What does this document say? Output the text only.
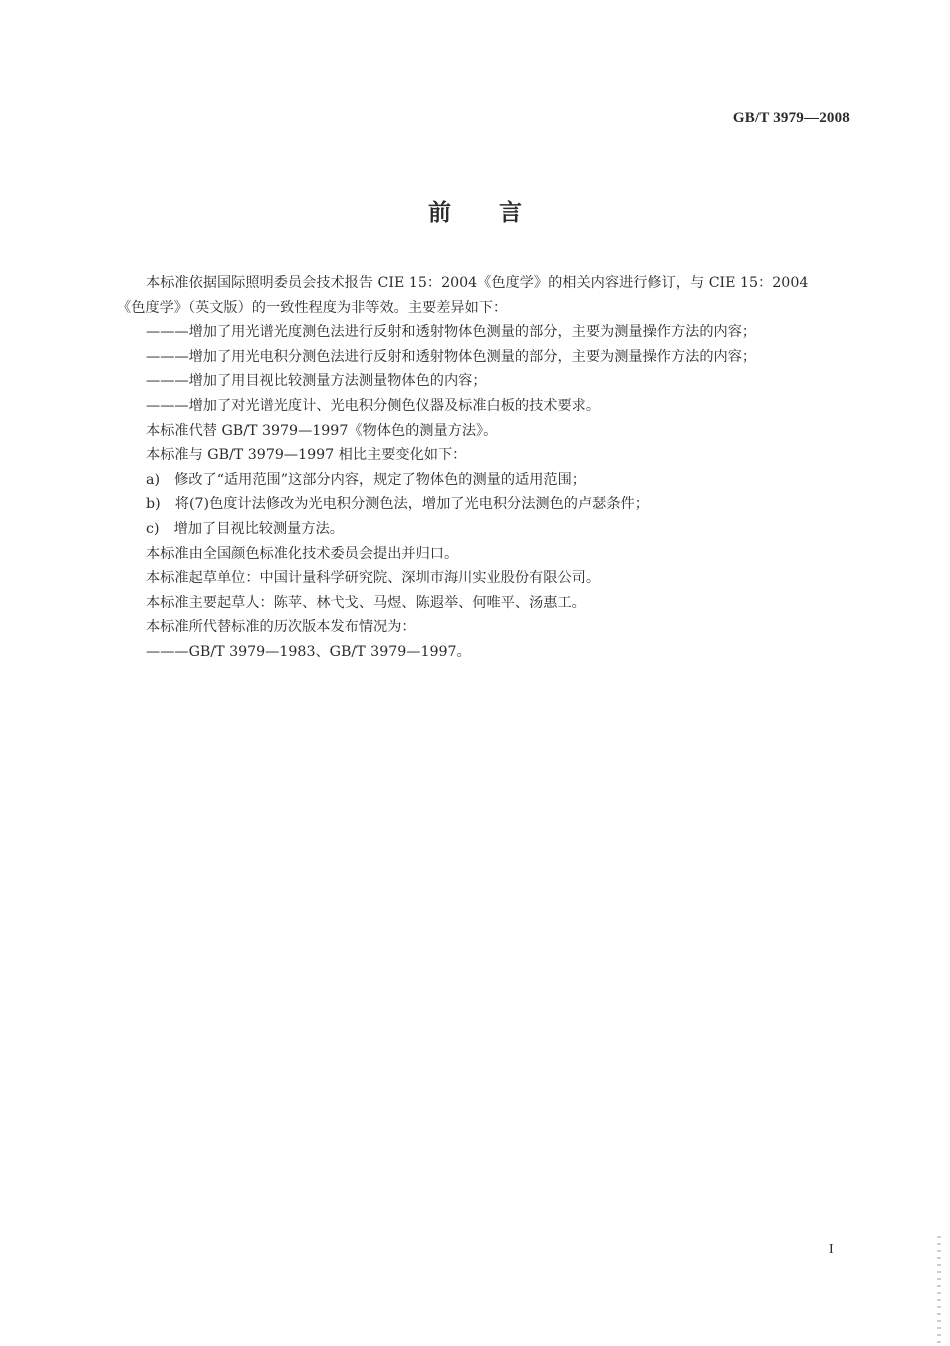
GB/T 3979—2008
前言

本标准依据国际照明委员会技术报告 CIE 15：2004《色度学》的相关内容进行修订，与 CIE 15：2004

《色度学》（英文版）的一致性程度为非等效。主要差异如下：

———增加了用光谱光度测色法进行反射和透射物体色测量的部分，主要为测量操作方法的内容；

———增加了用光电积分测色法进行反射和透射物体色测量的部分，主要为测量操作方法的内容；

———增加了用目视比较测量方法测量物体色的内容；

———增加了对光谱光度计、光电积分侧色仪器及标准白板的技术要求。

本标准代替 GB/T 3979—1997《物体色的测量方法》。

本标准与 GB/T 3979—1997 相比主要变化如下：

a)　修改了“适用范围”这部分内容，规定了物体色的测量的适用范围；

b)　将(7)色度计法修改为光电积分测色法，增加了光电积分法测色的卢瑟条件；

c)　增加了目视比较测量方法。

本标准由全国颜色标准化技术委员会提出并归口。

本标准起草单位：中国计量科学研究院、深圳市海川实业股份有限公司。

本标准主要起草人：陈苹、林弋戈、马煜、陈遐举、何唯平、汤惠工。

本标准所代替标准的历次版本发布情况为：

———GB/T 3979—1983、GB/T 3979—1997。

I
